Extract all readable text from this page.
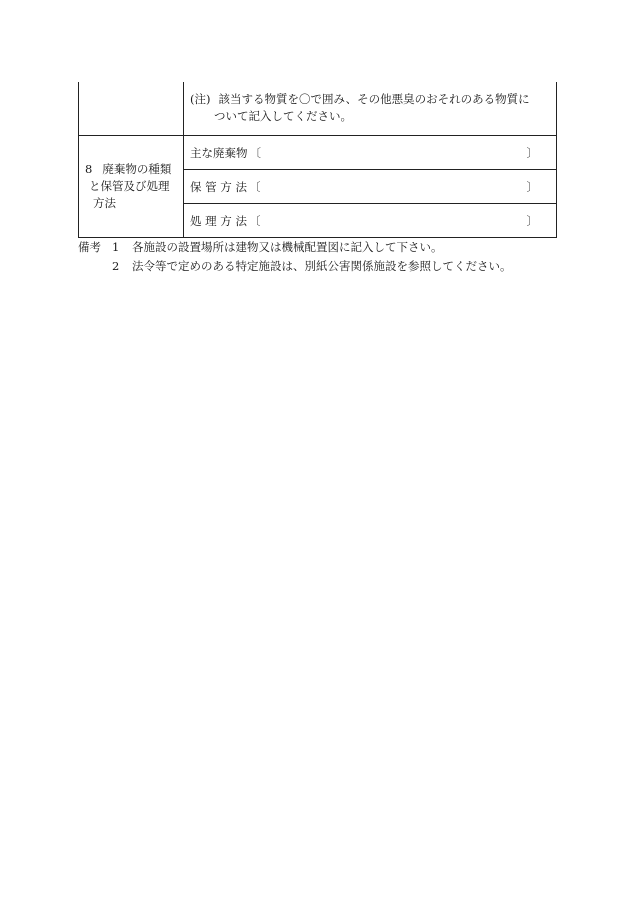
	(注) 該当する物質を〇で囲み、その他悪臭のおそれのある物質に
ついて記入してください。

8 廃棄物の種類
と保管及び処理
方法	主な廃棄物 〔 〕

	保 管 方 法 〔 〕

	処 理 方 法 〔 〕
備考 1	各施設の設置場所は建物又は機械配置図に記入して下さい。
2	法令等で定めのある特定施設は、別紙公害関係施設を参照してください。
